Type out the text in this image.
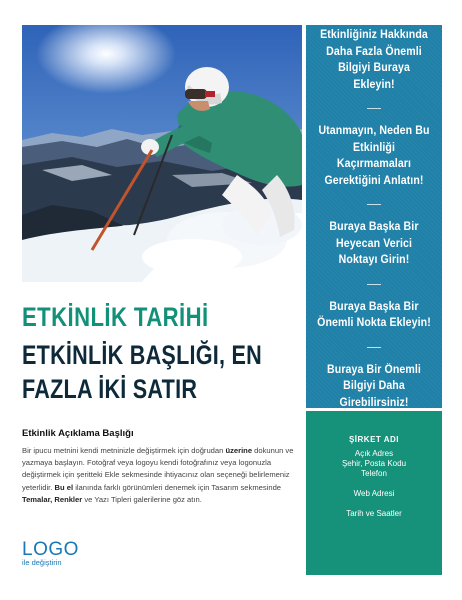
Etkinliğiniz Hakkında Daha Fazla Önemli Bilgiyi Buraya Ekleyin!
Utanmayın, Neden Bu Etkinliği Kaçırmamaları Gerektiğini Anlatın!
Buraya Başka Bir Heyecan Verici Noktayı Girin!
Buraya Başka Bir Önemli Nokta Ekleyin!
Buraya Bir Önemli Bilgiyi Daha Girebilirsiniz!
ŞİRKET ADI
Açık Adres
Şehir, Posta Kodu
Telefon
Web Adresi
Tarih ve Saatler
ETKİNLİK TARİHİ
ETKİNLİK BAŞLIĞI, EN FAZLA İKİ SATIR
Etkinlik Açıklama Başlığı

Bir ipucu metnini kendi metninizle değiştirmek için doğrudan üzerine dokunun ve yazmaya başlayın. Fotoğraf veya logoyu kendi fotoğrafınız veya logonuzla değiştirmek için şeritteki Ekle sekmesinde ihtiyacınız olan seçeneği belirlemeniz yeterlidir. Bu el ilanında farklı görünümleri denemek için Tasarım sekmesinde Temalar, Renkler ve Yazı Tipleri galerilerine göz atın.

LOGO
ile değiştirin
